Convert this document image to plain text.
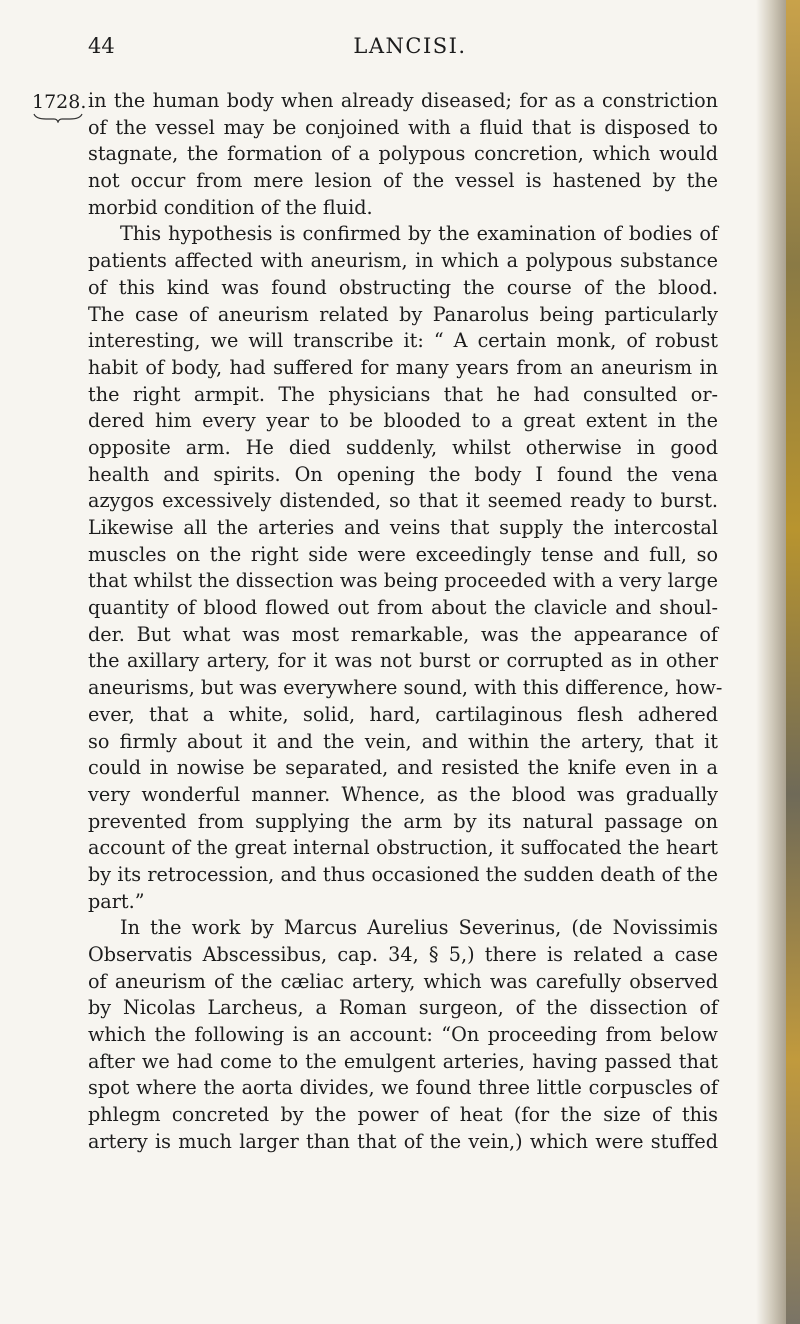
44	LANCISI.
1728. in the human body when already diseased; for as a constriction
of the vessel may be conjoined with a fluid that is disposed to
stagnate, the formation of a polypous concretion, which would
not occur from mere lesion of the vessel is hastened by the
morbid condition of the fluid.
This hypothesis is confirmed by the examination of bodies of
patients affected with aneurism, in which a polypous substance
of this kind was found obstructing the course of the blood.
The case of aneurism related by Panarolus being particularly
interesting, we will transcribe it: “ A certain monk, of robust
habit of body, had suffered for many years from an aneurism in
the right armpit. The physicians that he had consulted or-
dered him every year to be blooded to a great extent in the
opposite arm. He died suddenly, whilst otherwise in good
health and spirits. On opening the body I found the vena
azygos excessively distended, so that it seemed ready to burst.
Likewise all the arteries and veins that supply the intercostal
muscles on the right side were exceedingly tense and full, so
that whilst the dissection was being proceeded with a very large
quantity of blood flowed out from about the clavicle and shoul-
der. But what was most remarkable, was the appearance of
the axillary artery, for it was not burst or corrupted as in other
aneurisms, but was everywhere sound, with this difference, how-
ever, that a white, solid, hard, cartilaginous flesh adhered
so firmly about it and the vein, and within the artery, that it
could in nowise be separated, and resisted the knife even in a
very wonderful manner. Whence, as the blood was gradually
prevented from supplying the arm by its natural passage on
account of the great internal obstruction, it suffocated the heart
by its retrocession, and thus occasioned the sudden death of the
part.”
In the work by Marcus Aurelius Severinus, (de Novissimis
Observatis Abscessibus, cap. 34, § 5,) there is related a case
of aneurism of the cæliac artery, which was carefully observed
by Nicolas Larcheus, a Roman surgeon, of the dissection of
which the following is an account: “On proceeding from below
after we had come to the emulgent arteries, having passed that
spot where the aorta divides, we found three little corpuscles of
phlegm concreted by the power of heat (for the size of this
artery is much larger than that of the vein,) which were stuffed
